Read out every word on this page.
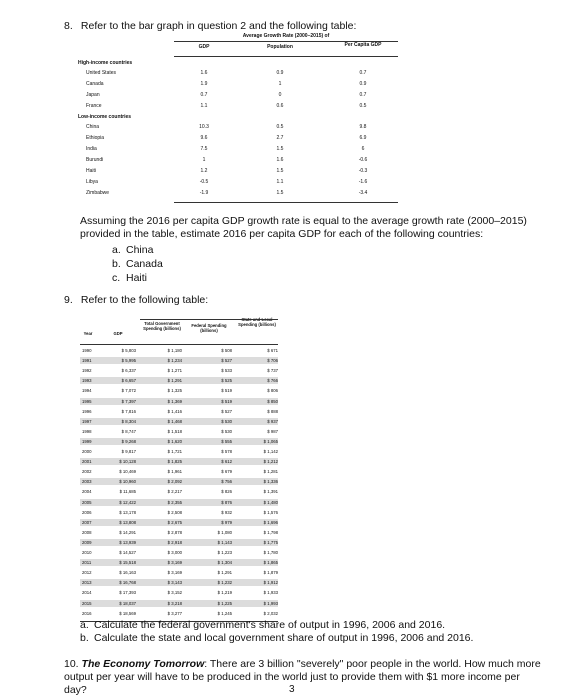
8. Refer to the bar graph in question 2 and the following table:
Average Growth Rate (2000–2015) of
GDP	Population	Per Capita GDP
High-income countries
United States	1.6	0.9	0.7
Canada	1.9	1	0.9
Japan	0.7	0	0.7
France	1.1	0.6	0.5
Low-income countries
China	10.3	0.5	9.8
Ethiopia	9.6	2.7	6.9
India	7.5	1.5	6
Burundi	1	1.6	-0.6
Haiti	1.2	1.5	-0.3
Libya	-0.5	1.1	-1.6
Zimbabwe	-1.9	1.5	-3.4
Assuming the 2016 per capita GDP growth rate is equal to the average growth rate (2000–2015) provided in the table, estimate 2016 per capita GDP for each of the following countries:
a. China
b. Canada
c. Haiti
9. Refer to the following table:
Year	GDP
Total Government Spending (billions)
Federal Spending (billions)
State and Local Spending (billions)
1990	$ 5,803	$ 1,180	$ 508	$ 671
1991	$ 5,995	$ 1,234	$ 527	$ 706
1992	$ 6,337	$ 1,271	$ 533	$ 737
1993	$ 6,657	$ 1,291	$ 525	$ 766
1994	$ 7,072	$ 1,325	$ 519	$ 806
1995	$ 7,397	$ 1,369	$ 519	$ 850
1996	$ 7,816	$ 1,416	$ 527	$ 888
1997	$ 8,304	$ 1,468	$ 530	$ 937
1998	$ 8,747	$ 1,518	$ 530	$ 987
1999	$ 9,268	$ 1,620	$ 555	$ 1,065
2000	$ 9,817	$ 1,721	$ 578	$ 1,142
2001	$ 10,128	$ 1,825	$ 612	$ 1,212
2002	$ 10,469	$ 1,961	$ 679	$ 1,281
2003	$ 10,960	$ 2,092	$ 756	$ 1,336
2004	$ 11,685	$ 2,217	$ 826	$ 1,391
2005	$ 12,422	$ 2,355	$ 876	$ 1,480
2006	$ 13,178	$ 2,508	$ 932	$ 1,576
2007	$ 13,808	$ 2,675	$ 979	$ 1,696
2008	$ 14,291	$ 2,878	$ 1,080	$ 1,798
2009	$ 13,939	$ 2,918	$ 1,143	$ 1,775
2010	$ 14,527	$ 3,000	$ 1,223	$ 1,780
2011	$ 15,518	$ 3,169	$ 1,304	$ 1,865
2012	$ 16,163	$ 3,169	$ 1,291	$ 1,879
2013	$ 16,768	$ 3,143	$ 1,232	$ 1,912
2014	$ 17,393	$ 3,152	$ 1,219	$ 1,933
2015	$ 18,037	$ 3,218	$ 1,225	$ 1,993
2016	$ 18,569	$ 3,277	$ 1,245	$ 2,032
a. Calculate the federal government's share of output in 1996, 2006 and 2016.
b. Calculate the state and local government share of output in 1996, 2006 and 2016.
10. The Economy Tomorrow: There are 3 billion "severely" poor people in the world. How much more output per year will have to be produced in the world just to provide them with $1 more income per day?	3
